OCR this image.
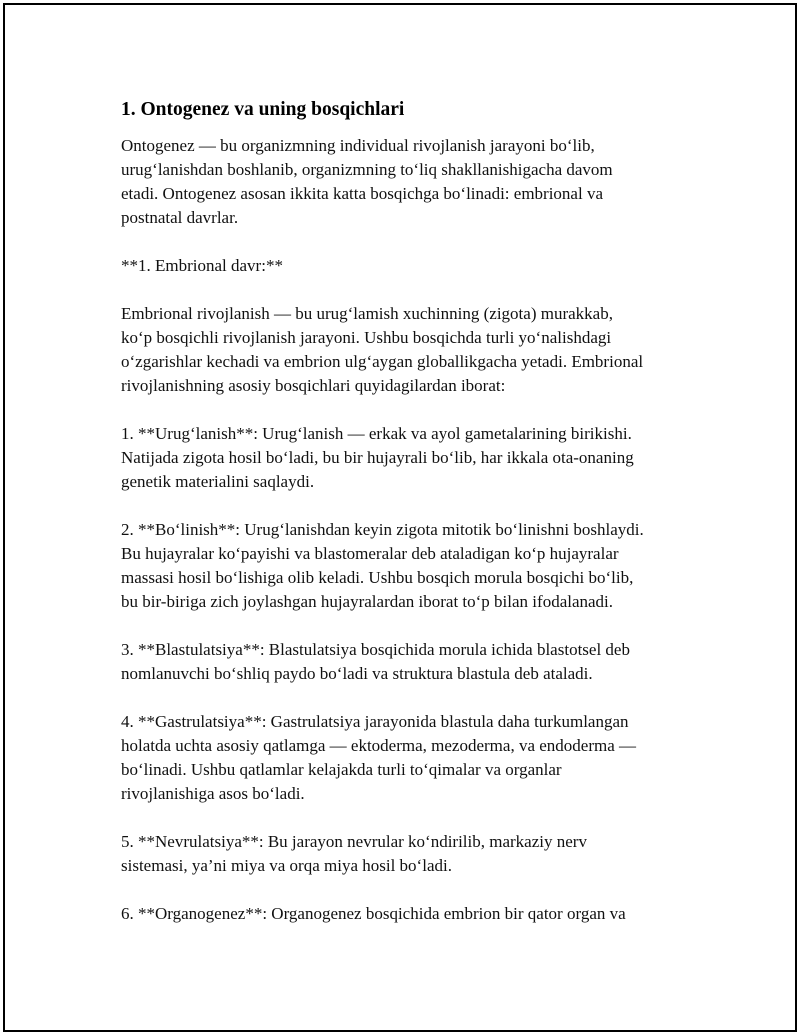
1. Ontogenez va uning bosqichlari

Ontogenez — bu organizmning individual rivojlanish jarayoni bo‘lib,
urug‘lanishdan boshlanib, organizmning to‘liq shakllanishigacha davom
etadi. Ontogenez asosan ikkita katta bosqichga bo‘linadi: embrional va
postnatal davrlar.

**1. Embrional davr:**

Embrional rivojlanish — bu urug‘lamish xuchinning (zigota) murakkab,
ko‘p bosqichli rivojlanish jarayoni. Ushbu bosqichda turli yo‘nalishdagi
o‘zgarishlar kechadi va embrion ulg‘aygan globallikgacha yetadi. Embrional
rivojlanishning asosiy bosqichlari quyidagilardan iborat:

1. **Urug‘lanish**: Urug‘lanish — erkak va ayol gametalarining birikishi.
Natijada zigota hosil bo‘ladi, bu bir hujayrali bo‘lib, har ikkala ota-onaning
genetik materialini saqlaydi.

2. **Bo‘linish**: Urug‘lanishdan keyin zigota mitotik bo‘linishni boshlaydi.
Bu hujayralar ko‘payishi va blastomeralar deb ataladigan ko‘p hujayralar
massasi hosil bo‘lishiga olib keladi. Ushbu bosqich morula bosqichi bo‘lib,
bu bir-biriga zich joylashgan hujayralardan iborat to‘p bilan ifodalanadi.

3. **Blastulatsiya**: Blastulatsiya bosqichida morula ichida blastotsel deb
nomlanuvchi bo‘shliq paydo bo‘ladi va struktura blastula deb ataladi.

4. **Gastrulatsiya**: Gastrulatsiya jarayonida blastula daha turkumlangan
holatda uchta asosiy qatlamga — ektoderma, mezoderma, va endoderma —
bo‘linadi. Ushbu qatlamlar kelajakda turli to‘qimalar va organlar
rivojlanishiga asos bo‘ladi.

5. **Nevrulatsiya**: Bu jarayon nevrular ko‘ndirilib, markaziy nerv
sistemasi, ya’ni miya va orqa miya hosil bo‘ladi.

6. **Organogenez**: Organogenez bosqichida embrion bir qator organ va
